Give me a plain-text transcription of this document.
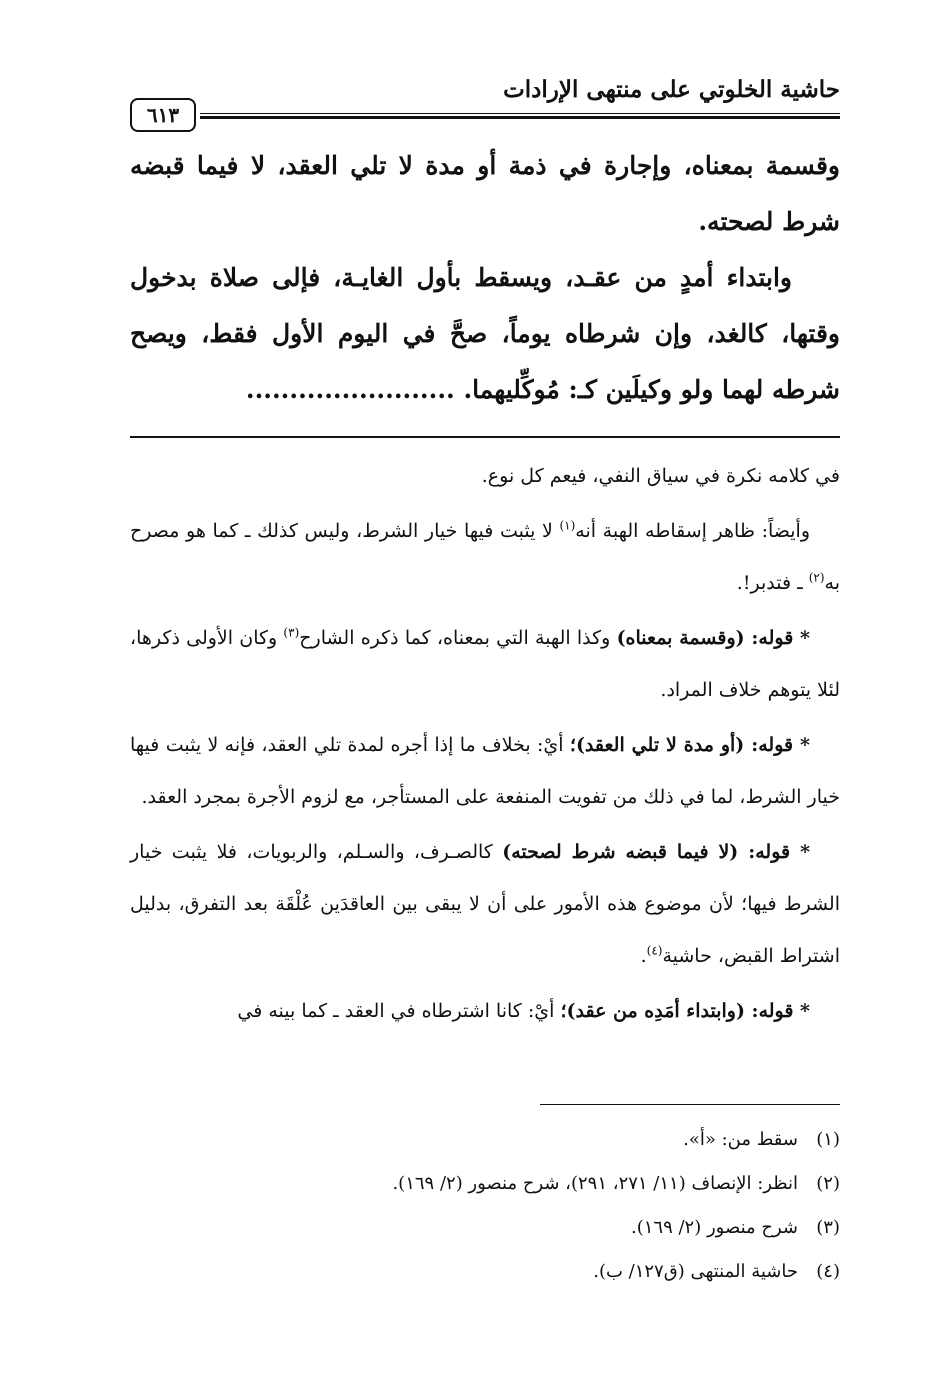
حاشية الخلوتي على منتهى الإرادات
٦١٣

وقسمة بمعناه، وإجارة في ذمة أو مدة لا تلي العقد، لا فيما قبضه شرط لصحته.

وابتداء أمدٍ من عقـد، ويسقط بأول الغايـة، فإلى صلاة بدخول وقتها، كالغد، وإن شرطاه يوماً، صحَّ في اليوم الأول فقط، ويصح شرطه لهما ولو وكيلَين كـ: مُوكِّليهما. ........................

في كلامه نكرة في سياق النفي، فيعم كل نوع.

وأيضاً: ظاهر إسقاطه الهبة أنه$^{(١)}$ لا يثبت فيها خيار الشرط، وليس كذلك ـ كما هو مصرح به$^{(٢)}$ ـ فتدبر!.

* قوله: (وقسمة بمعناه) وكذا الهبة التي بمعناه، كما ذكره الشارح$^{(٣)}$ وكان الأولى ذكرها، لئلا يتوهم خلاف المراد.

* قوله: (أو مدة لا تلي العقد)؛ أيْ: بخلاف ما إذا أجره لمدة تلي العقد، فإنه لا يثبت فيها خيار الشرط، لما في ذلك من تفويت المنفعة على المستأجر، مع لزوم الأجرة بمجرد العقد.

* قوله: (لا فيما قبضه شرط لصحته) كالصـرف، والسـلم، والربويات، فلا يثبت خيار الشرط فيها؛ لأن موضوع هذه الأمور على أن لا يبقى بين العاقدَين عُلْقَة بعد التفرق، بدليل اشتراط القبض، حاشية$^{(٤)}$.

* قوله: (وابتداء أمَدِه من عقد)؛ أيْ: كانا اشترطاه في العقد ـ كما بينه في

(١)سقط من: «أ».
(٢)انظر: الإنصاف (١١/ ٢٧١، ٢٩١)، شرح منصور (٢/ ١٦٩).
(٣)شرح منصور (٢/ ١٦٩).
(٤)حاشية المنتهى (ق١٢٧/ ب).
